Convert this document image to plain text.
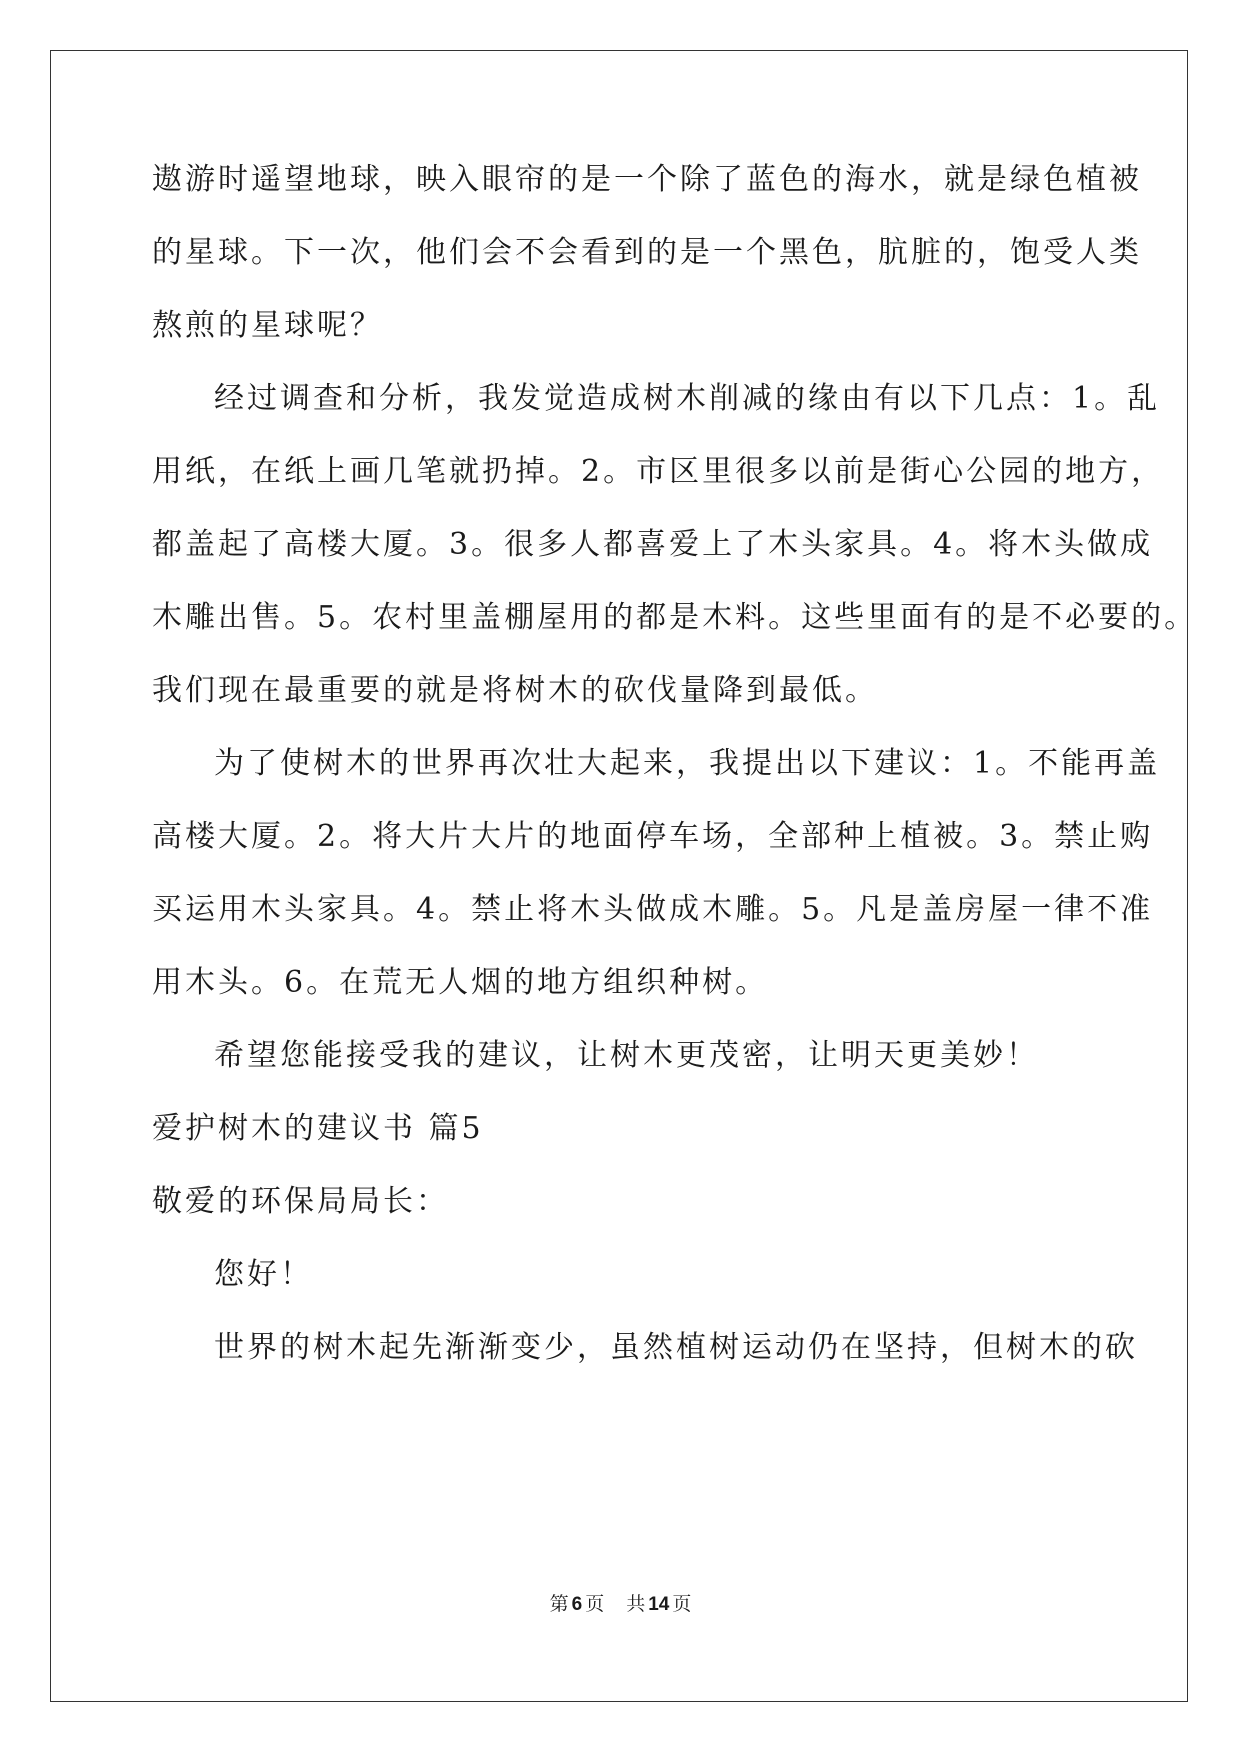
遨游时遥望地球，映入眼帘的是一个除了蓝色的海水，就是绿色植被
的星球。下一次，他们会不会看到的是一个黑色，肮脏的，饱受人类
熬煎的星球呢？
经过调查和分析，我发觉造成树木削减的缘由有以下几点：1。乱
用纸，在纸上画几笔就扔掉。2。市区里很多以前是街心公园的地方，
都盖起了高楼大厦。3。很多人都喜爱上了木头家具。4。将木头做成
木雕出售。5。农村里盖棚屋用的都是木料。这些里面有的是不必要的。
我们现在最重要的就是将树木的砍伐量降到最低。
为了使树木的世界再次壮大起来，我提出以下建议：1。不能再盖
高楼大厦。2。将大片大片的地面停车场，全部种上植被。3。禁止购
买运用木头家具。4。禁止将木头做成木雕。5。凡是盖房屋一律不准
用木头。6。在荒无人烟的地方组织种树。
希望您能接受我的建议，让树木更茂密，让明天更美妙！
爱护树木的建议书 篇5
敬爱的环保局局长：
您好！
世界的树木起先渐渐变少，虽然植树运动仍在坚持，但树木的砍
第 6 页 共 14 页
